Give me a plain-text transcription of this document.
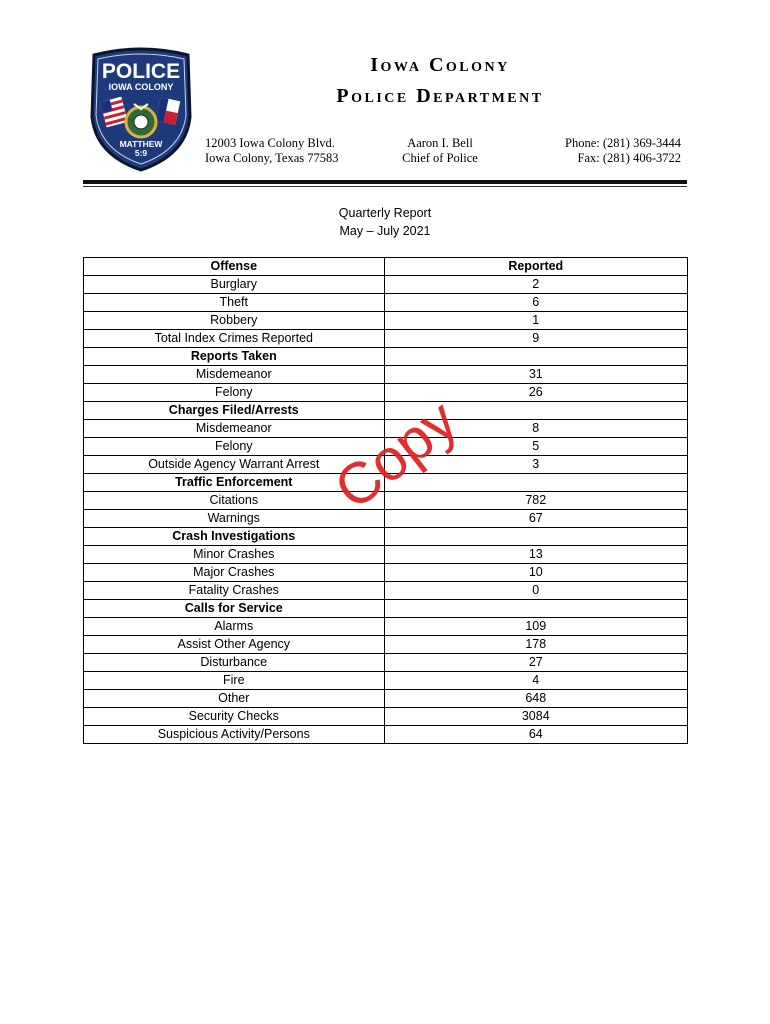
POLICE
IOWA COLONY
MATTHEW
5:9
Iowa Colony
Police Department
12003 Iowa Colony Blvd.
Iowa Colony, Texas 77583
Aaron I. Bell
Chief of Police
Phone: (281) 369-3444
Fax: (281) 406-3722
Quarterly Report
May – July 2021
Offense	Reported
Burglary	2
Theft	6
Robbery	1
Total Index Crimes Reported	9
Reports Taken	
Misdemeanor	31
Felony	26
Charges Filed/Arrests	
Misdemeanor	8
Felony	5
Outside Agency Warrant Arrest	3
Traffic Enforcement	
Citations	782
Warnings	67
Crash Investigations	
Minor Crashes	13
Major Crashes	10
Fatality Crashes	0
Calls for Service	
Alarms	109
Assist Other Agency	178
Disturbance	27
Fire	4
Other	648
Security Checks	3084
Suspicious Activity/Persons	64
Copy
